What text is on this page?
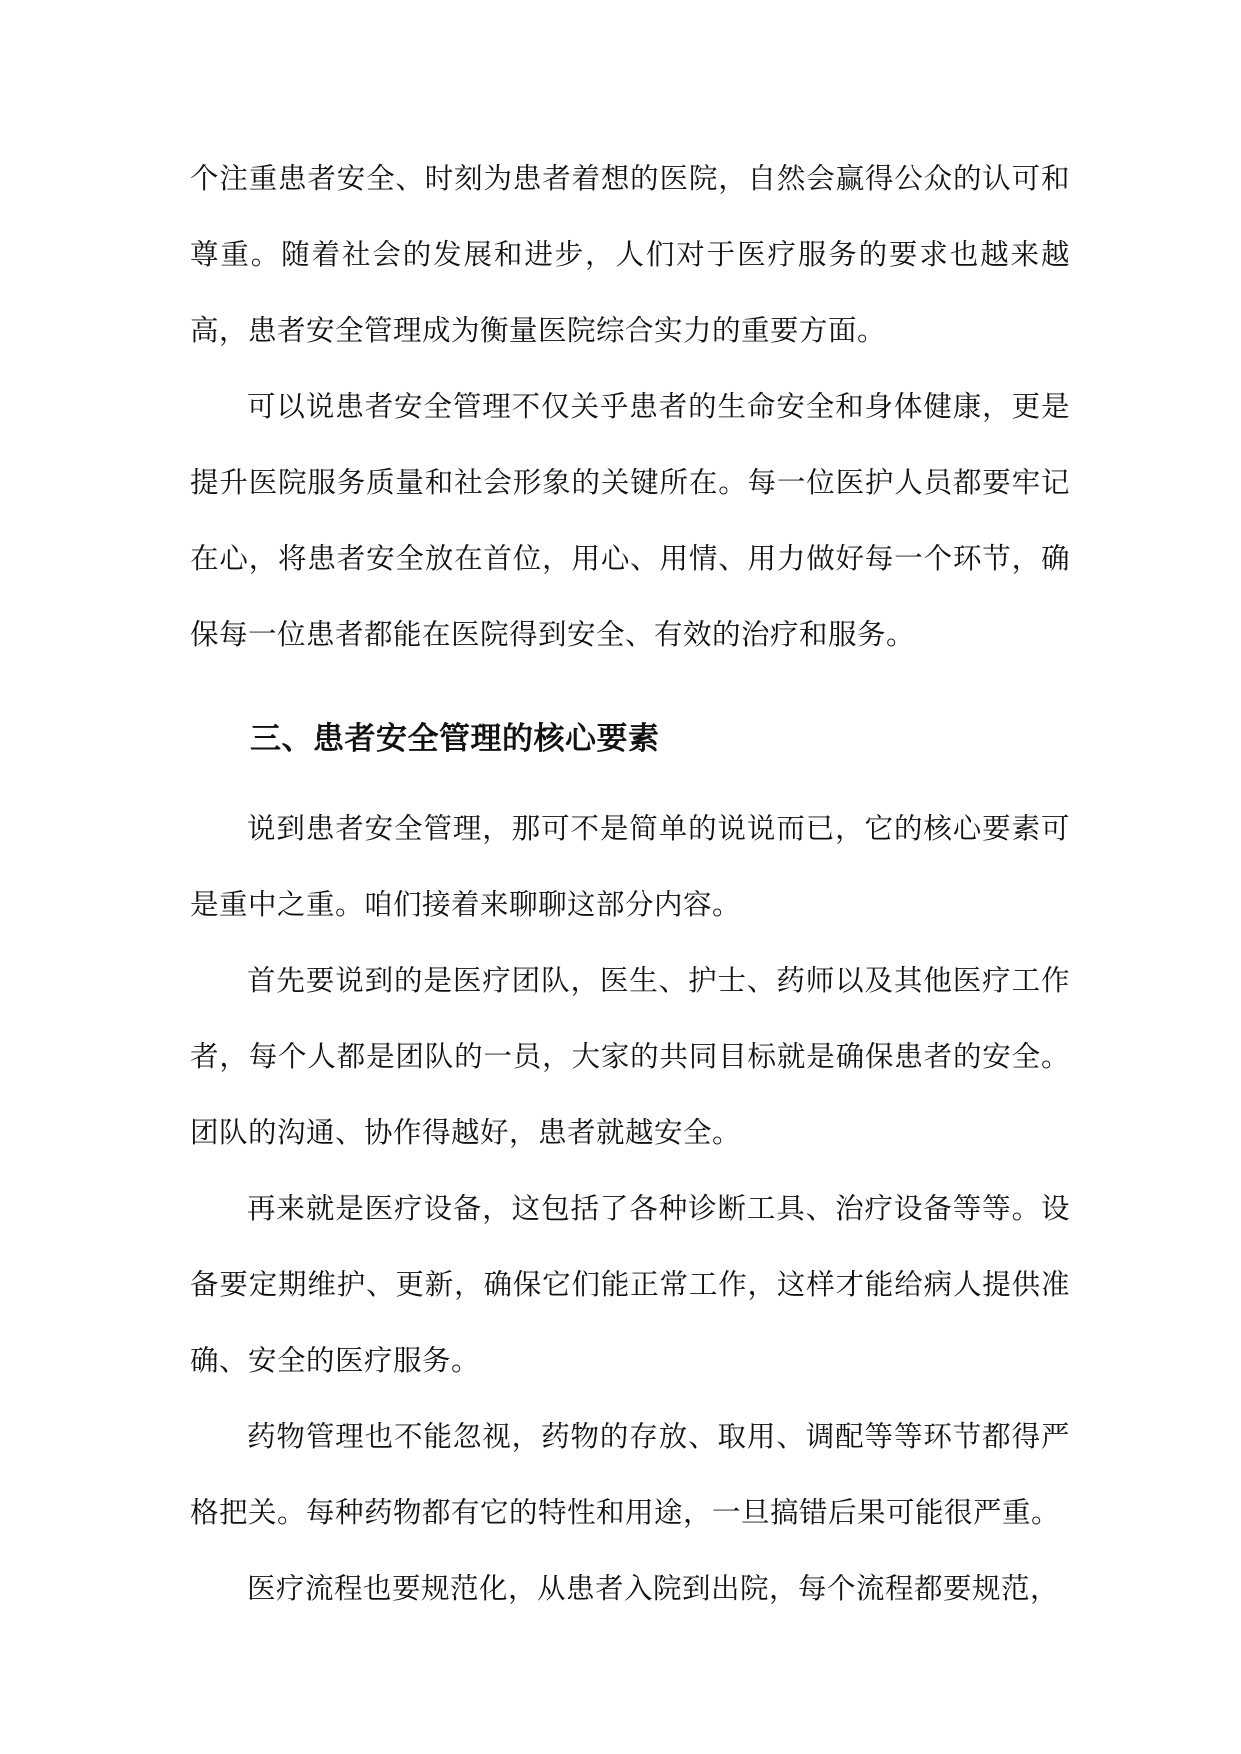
个注重患者安全、时刻为患者着想的医院，自然会赢得公众的认可和尊重。随着社会的发展和进步，人们对于医疗服务的要求也越来越高，患者安全管理成为衡量医院综合实力的重要方面。

可以说患者安全管理不仅关乎患者的生命安全和身体健康，更是提升医院服务质量和社会形象的关键所在。每一位医护人员都要牢记在心，将患者安全放在首位，用心、用情、用力做好每一个环节，确保每一位患者都能在医院得到安全、有效的治疗和服务。

三、患者安全管理的核心要素

说到患者安全管理，那可不是简单的说说而已，它的核心要素可是重中之重。咱们接着来聊聊这部分内容。

首先要说到的是医疗团队，医生、护士、药师以及其他医疗工作者，每个人都是团队的一员，大家的共同目标就是确保患者的安全。团队的沟通、协作得越好，患者就越安全。

再来就是医疗设备，这包括了各种诊断工具、治疗设备等等。设备要定期维护、更新，确保它们能正常工作，这样才能给病人提供准确、安全的医疗服务。

药物管理也不能忽视，药物的存放、取用、调配等等环节都得严格把关。每种药物都有它的特性和用途，一旦搞错后果可能很严重。

医疗流程也要规范化，从患者入院到出院，每个流程都要规范，
